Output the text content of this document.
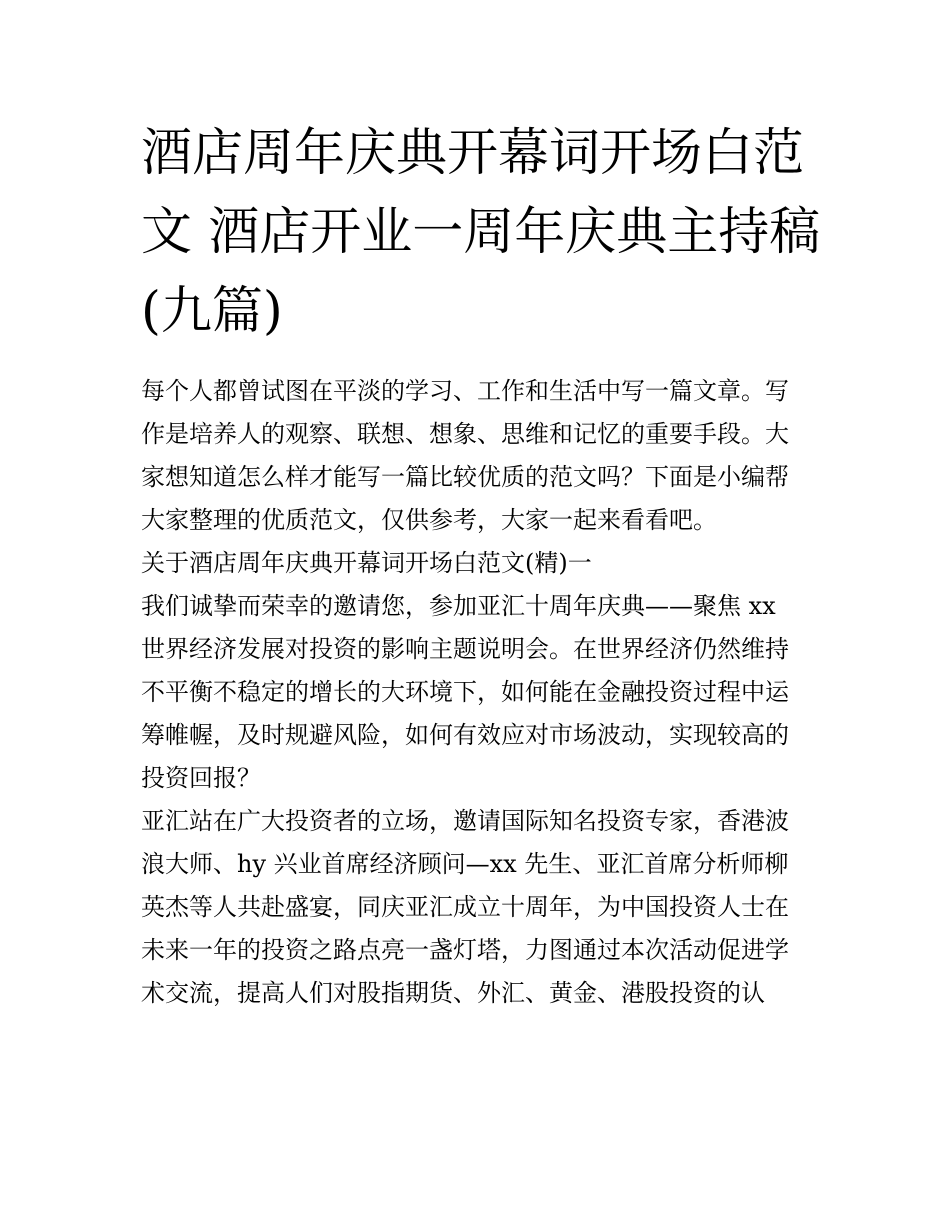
酒店周年庆典开幕词开场白范
文 酒店开业一周年庆典主持稿
(九篇)
每个人都曾试图在平淡的学习、工作和生活中写一篇文章。写
作是培养人的观察、联想、想象、思维和记忆的重要手段。大
家想知道怎么样才能写一篇比较优质的范文吗？下面是小编帮
大家整理的优质范文，仅供参考，大家一起来看看吧。
关于酒店周年庆典开幕词开场白范文(精)一
我们诚挚而荣幸的邀请您，参加亚汇十周年庆典——聚焦 xx
世界经济发展对投资的影响主题说明会。在世界经济仍然维持
不平衡不稳定的增长的大环境下，如何能在金融投资过程中运
筹帷幄，及时规避风险，如何有效应对市场波动，实现较高的
投资回报？
亚汇站在广大投资者的立场，邀请国际知名投资专家，香港波
浪大师、hy 兴业首席经济顾问—xx 先生、亚汇首席分析师柳
英杰等人共赴盛宴，同庆亚汇成立十周年，为中国投资人士在
未来一年的投资之路点亮一盏灯塔，力图通过本次活动促进学
术交流，提高人们对股指期货、外汇、黄金、港股投资的认
